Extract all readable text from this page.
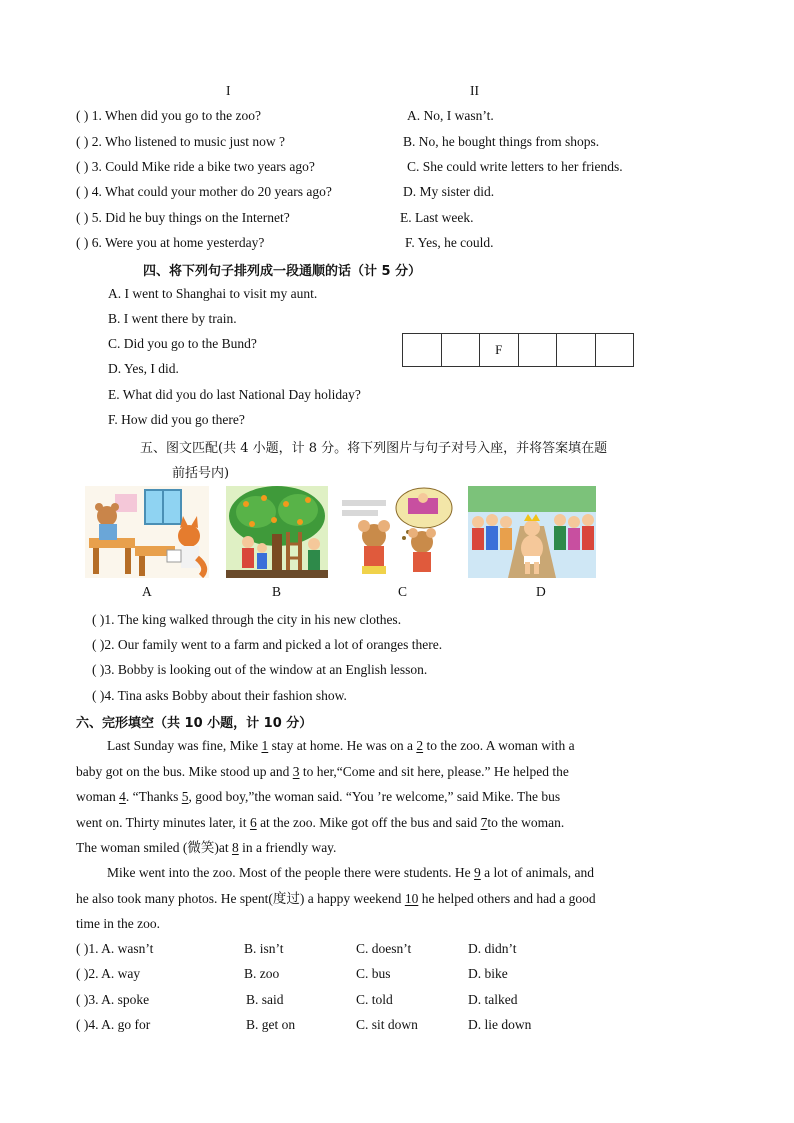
I	II
( ) 1. When did you go to the zoo?	A. No, I wasn’t.
( ) 2. Who listened to music just now ?	B. No, he bought things from shops.
( ) 3. Could Mike ride a bike two years ago?	C. She could write letters to her friends.
( ) 4. What could your mother do 20 years ago?	D. My sister did.
( ) 5. Did he buy things on the Internet?	E. Last week.
( ) 6. Were you at home yesterday?	F. Yes, he could.
四、将下列句子排列成一段通顺的话（计 5 分）
A. I went to Shanghai to visit my aunt.
B. I went there by train.
C. Did you go to the Bund?
D. Yes, I did.
E. What did you do last National Day holiday?
F. How did you go there?
		F			
五、图文匹配(共 4 小题，计 8 分。将下列图片与句子对号入座，并将答案填在题
前括号内)
A	B	C	D
( )1. The king walked through the city in his new clothes.
( )2. Our family went to a farm and picked a lot of oranges there.
( )3. Bobby is looking out of the window at an English lesson.
( )4. Tina asks Bobby about their fashion show.
六、完形填空（共 10 小题，计 10 分）
Last Sunday was fine, Mike 1 stay at home. He was on a 2 to the zoo. A woman with a
baby got on the bus. Mike stood up and 3 to her,“Come and sit here, please.” He helped the
woman 4. “Thanks 5, good boy,”the woman said. “You ’re welcome,” said Mike. The bus
went on. Thirty minutes later, it 6 at the zoo. Mike got off the bus and said 7to the woman.
The woman smiled (微笑)at 8 in a friendly way.
Mike went into the zoo. Most of the people there were students. He 9 a lot of animals, and
he also took many photos. He spent(度过) a happy weekend 10 he helped others and had a good
time in the zoo.
( )1. A. wasn’t	B. isn’t	C. doesn’t	D. didn’t
( )2. A. way	B. zoo	C. bus	D. bike
( )3. A. spoke	B. said	C. told	D. talked
( )4. A. go for	B. get on	C. sit down	D. lie down
